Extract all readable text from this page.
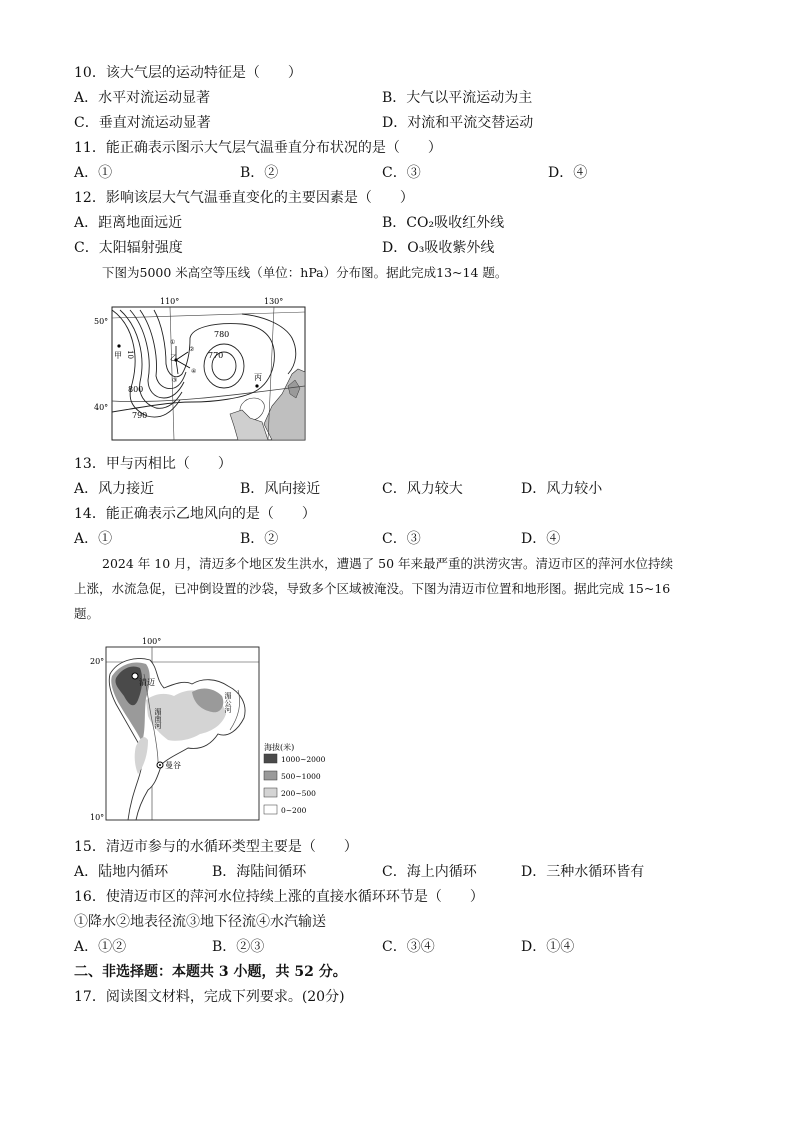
10．该大气层的运动特征是（　　）
A．水平对流运动显著	B．大气以平流运动为主
C．垂直对流运动显著	D．对流和平流交替运动
11．能正确表示图示大气层气温垂直分布状况的是（　　）
A．①	B．②	C．③	D．④
12．影响该层大气气温垂直变化的主要因素是（　　）
A．距离地面远近	B．CO₂吸收红外线
C．太阳辐射强度	D．O₃吸收紫外线
下图为5000 米高空等压线（单位：hPa）分布图。据此完成13~14 题。
110°	130°
50°
40°
780
770
800
790
甲 10	乙
丙
①
②
③
④
13．甲与丙相比（　　）
A．风力接近	B．风向接近	C．风力较大	D．风力较小
14．能正确表示乙地风向的是（　　）
A．①	B．②	C．③	D．④
2024 年 10 月，清迈多个地区发生洪水，遭遇了 50 年来最严重的洪涝灾害。清迈市区的萍河水位持续
上涨，水流急促，已冲倒设置的沙袋，导致多个区域被淹没。下图为清迈市位置和地形图。据此完成 15~16
题。
100°
20°
10°
清迈
曼谷
湄南河
湄公河
海拔(米)
1000~2000
500~1000
200~500
0~200
15．清迈市参与的水循环类型主要是（　　）
A．陆地内循环	B．海陆间循环	C．海上内循环	D．三种水循环皆有
16．使清迈市区的萍河水位持续上涨的直接水循环环节是（　　）
①降水②地表径流③地下径流④水汽输送
A．①②	B．②③	C．③④	D．①④
二、非选择题：本题共 3 小题，共 52 分。
17．阅读图文材料，完成下列要求。(20分)
